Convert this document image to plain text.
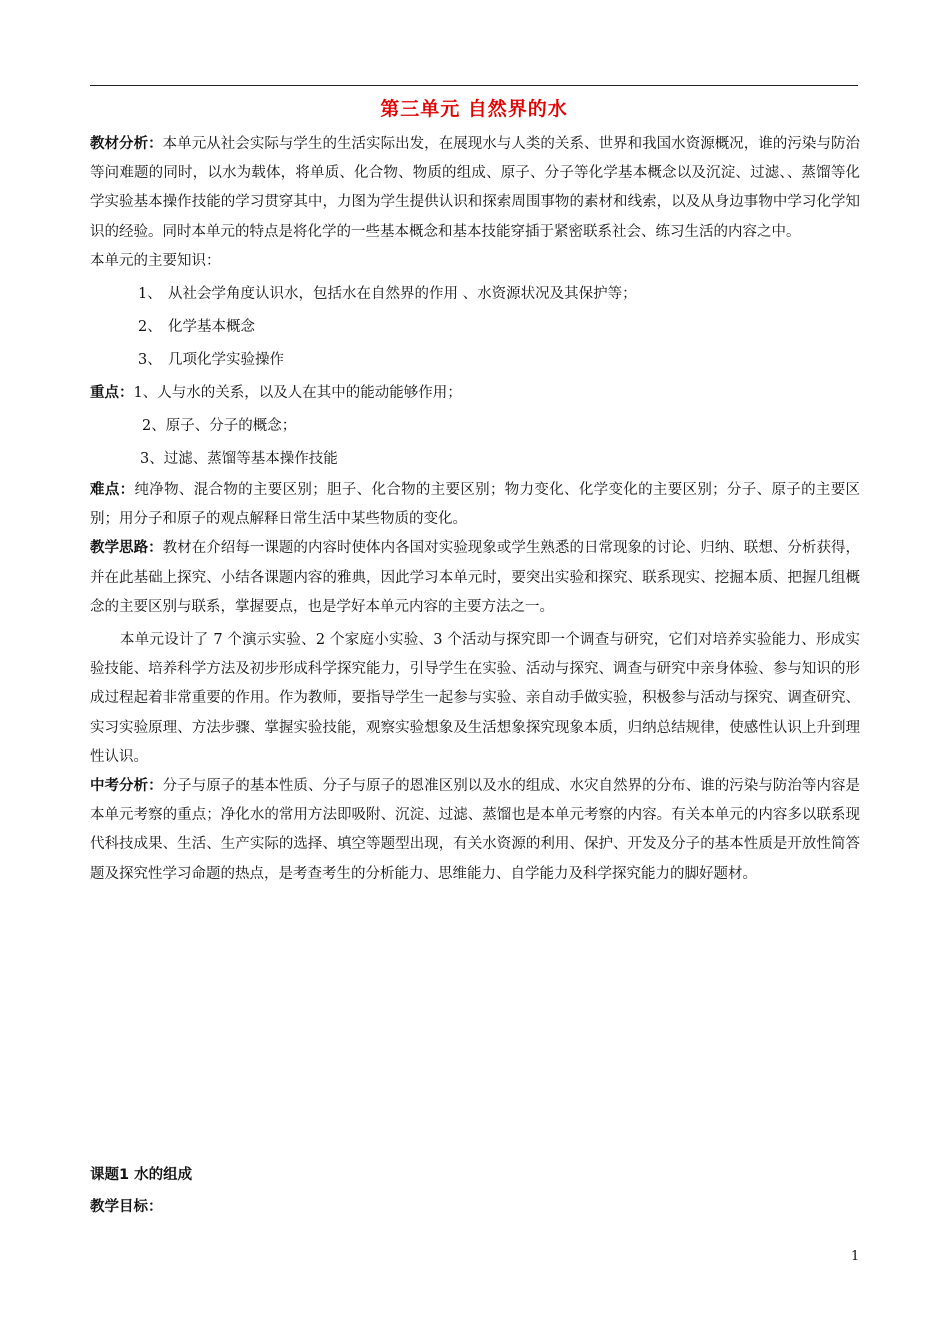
第三单元 自然界的水

教材分析：本单元从社会实际与学生的生活实际出发，在展现水与人类的关系、世界和我国水资源概况，谁的污染与防治等问难题的同时，以水为载体，将单质、化合物、物质的组成、原子、分子等化学基本概念以及沉淀、过滤、、蒸馏等化学实验基本操作技能的学习贯穿其中，力图为学生提供认识和探索周围事物的素材和线索，以及从身边事物中学习化学知识的经验。同时本单元的特点是将化学的一些基本概念和基本技能穿插于紧密联系社会、练习生活的内容之中。

本单元的主要知识：

1、 从社会学角度认识水，包括水在自然界的作用 、水资源状况及其保护等；
2、 化学基本概念
3、 几项化学实验操作

重点：1、人与水的关系，以及人在其中的能动能够作用；

2、原子、分子的概念；

3、过滤、蒸馏等基本操作技能

难点：纯净物、混合物的主要区别；胆子、化合物的主要区别；物力变化、化学变化的主要区别；分子、原子的主要区别；用分子和原子的观点解释日常生活中某些物质的变化。

教学思路：教材在介绍每一课题的内容时使体内各国对实验现象或学生熟悉的日常现象的讨论、归纳、联想、分析获得，并在此基础上探究、小结各课题内容的雅典，因此学习本单元时，要突出实验和探究、联系现实、挖掘本质、把握几组概念的主要区别与联系，掌握要点，也是学好本单元内容的主要方法之一。

本单元设计了 7 个演示实验、2 个家庭小实验、3 个活动与探究即一个调查与研究，它们对培养实验能力、形成实验技能、培养科学方法及初步形成科学探究能力，引导学生在实验、活动与探究、调查与研究中亲身体验、参与知识的形成过程起着非常重要的作用。作为教师，要指导学生一起参与实验、亲自动手做实验，积极参与活动与探究、调查研究、实习实验原理、方法步骤、掌握实验技能，观察实验想象及生活想象探究现象本质，归纳总结规律，使感性认识上升到理性认识。

中考分析：分子与原子的基本性质、分子与原子的恩准区别以及水的组成、水灾自然界的分布、谁的污染与防治等内容是本单元考察的重点；净化水的常用方法即吸附、沉淀、过滤、蒸馏也是本单元考察的内容。有关本单元的内容多以联系现代科技成果、生活、生产实际的选择、填空等题型出现，有关水资源的利用、保护、开发及分子的基本性质是开放性简答题及探究性学习命题的热点，是考查考生的分析能力、思维能力、自学能力及科学探究能力的脚好题材。

课题1 水的组成
教学目标：
1
